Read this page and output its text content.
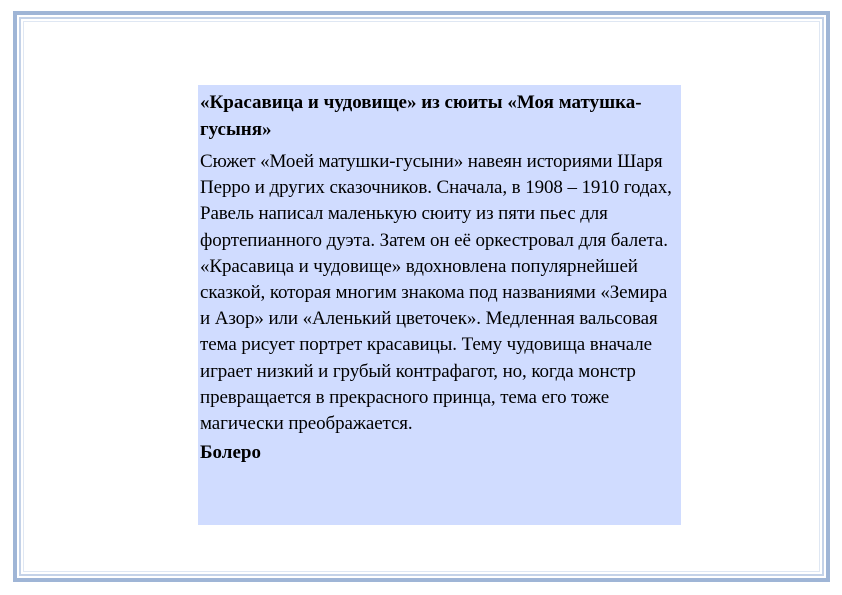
«Красавица и чудовище» из сюиты «Моя матушка-гусыня»

Сюжет «Моей матушки-гусыни» навеян историями Шаря Перро и других сказочников. Сначала, в 1908 – 1910 годах, Равель написал маленькую сюиту из пяти пьес для фортепианного дуэта. Затем он её оркестровал для балета. «Красавица и чудовище» вдохновлена популярнейшей сказкой, которая многим знакома под названиями «Земира и Азор» или «Аленький цветочек». Медленная вальсовая тема рисует портрет красавицы. Тему чудовища вначале играет низкий и грубый контрафагот, но, когда монстр превращается в прекрасного принца, тема его тоже магически преображается.

Болеро
